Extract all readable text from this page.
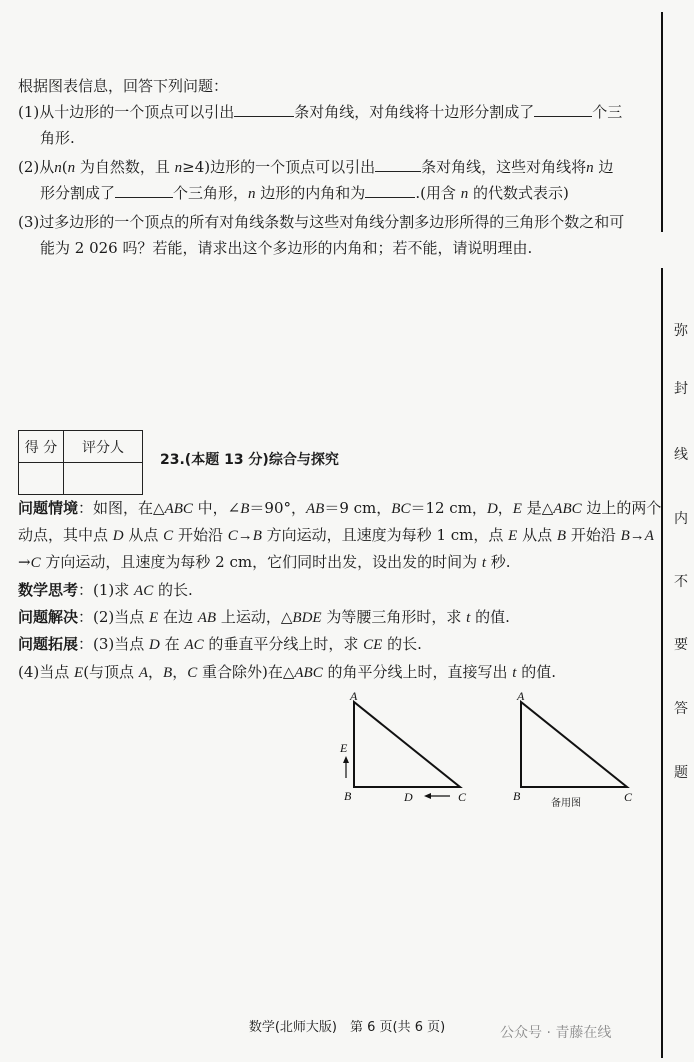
弥
封
线
内
不
要
答
题
根据图表信息，回答下列问题：
(1)从十边形的一个顶点可以引出	条对角线，对角线将十边形分割成了	个三
角形.
(2)从n(n 为自然数，且 n≥4)边形的一个顶点可以引出	条对角线，这些对角线将n 边
形分割成了	个三角形，n 边形的内角和为	.(用含 n 的代数式表示)
(3)过多边形的一个顶点的所有对角线条数与这些对角线分割多边形所得的三角形个数之和可
能为 2 026 吗？若能，请求出这个多边形的内角和；若不能，请说明理由.
得 分	评分人

23.(本题 13 分)综合与探究
问题情境：如图，在△ABC 中，∠B＝90°，AB＝9 cm，BC＝12 cm，D，E 是△ABC 边上的两个
动点，其中点 D 从点 C 开始沿 C→B 方向运动，且速度为每秒 1 cm，点 E 从点 B 开始沿 B→A
→C 方向运动，且速度为每秒 2 cm，它们同时出发，设出发的时间为 t 秒.
数学思考：(1)求 AC 的长.
问题解决：(2)当点 E 在边 AB 上运动，△BDE 为等腰三角形时，求 t 的值.
问题拓展：(3)当点 D 在 AC 的垂直平分线上时，求 CE 的长.
(4)当点 E(与顶点 A，B，C 重合除外)在△ABC 的角平分线上时，直接写出 t 的值.
A
B	C
D
E
A
B	C
备用图
数学(北师大版)　第 6 页(共 6 页)	公众号 · 青藤在线
